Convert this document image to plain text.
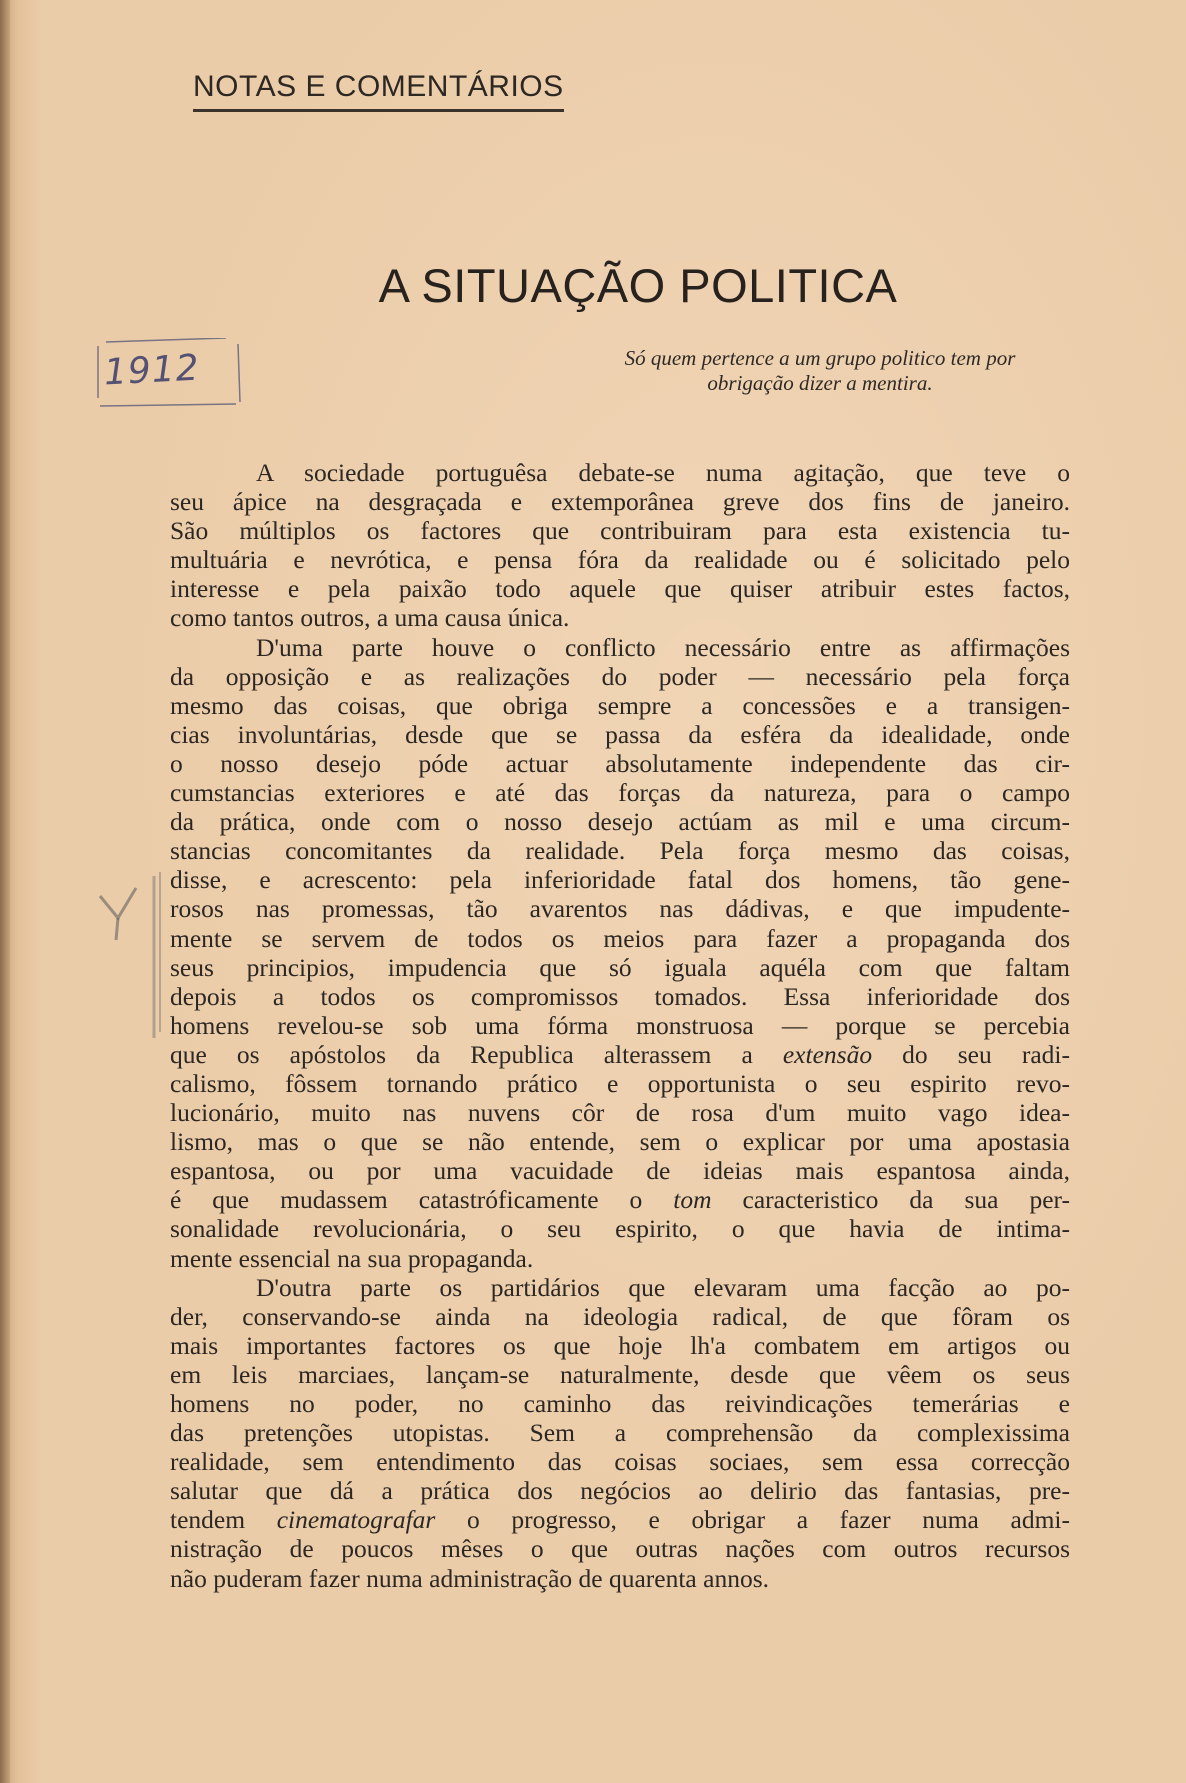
NOTAS E COMENTÁRIOS
A SITUAÇÃO POLITICA
1912	Só quem pertence a um grupo politico tem por
obrigação dizer a mentira.
A sociedade portuguêsa debate-se numa agitação, que teve o
seu ápice na desgraçada e extemporânea greve dos fins de janeiro.
São múltiplos os factores que contribuiram para esta existencia tu-
multuária e nevrótica, e pensa fóra da realidade ou é solicitado pelo
interesse e pela paixão todo aquele que quiser atribuir estes factos,
como tantos outros, a uma causa única.
D'uma parte houve o conflicto necessário entre as affirmações
da opposição e as realizações do poder — necessário pela força
mesmo das coisas, que obriga sempre a concessões e a transigen-
cias involuntárias, desde que se passa da esféra da idealidade, onde
o nosso desejo póde actuar absolutamente independente das cir-
cumstancias exteriores e até das forças da natureza, para o campo
da prática, onde com o nosso desejo actúam as mil e uma circum-
stancias concomitantes da realidade. Pela força mesmo das coisas,
disse, e acrescento: pela inferioridade fatal dos homens, tão gene-
rosos nas promessas, tão avarentos nas dádivas, e que impudente-
mente se servem de todos os meios para fazer a propaganda dos
seus principios, impudencia que só iguala aquéla com que faltam
depois a todos os compromissos tomados. Essa inferioridade dos
homens revelou-se sob uma fórma monstruosa — porque se percebia
que os apóstolos da Republica alterassem a extensão do seu radi-
calismo, fôssem tornando prático e opportunista o seu espirito revo-
lucionário, muito nas nuvens côr de rosa d'um muito vago idea-
lismo, mas o que se não entende, sem o explicar por uma apostasia
espantosa, ou por uma vacuidade de ideias mais espantosa ainda,
é que mudassem catastróficamente o tom caracteristico da sua per-
sonalidade revolucionária, o seu espirito, o que havia de intima-
mente essencial na sua propaganda.
D'outra parte os partidários que elevaram uma facção ao po-
der, conservando-se ainda na ideologia radical, de que fôram os
mais importantes factores os que hoje lh'a combatem em artigos ou
em leis marciaes, lançam-se naturalmente, desde que vêem os seus
homens no poder, no caminho das reivindicações temerárias e
das pretenções utopistas. Sem a comprehensão da complexissima
realidade, sem entendimento das coisas sociaes, sem essa correcção
salutar que dá a prática dos negócios ao delirio das fantasias, pre-
tendem cinematografar o progresso, e obrigar a fazer numa admi-
nistração de poucos mêses o que outras nações com outros recursos
não puderam fazer numa administração de quarenta annos.
